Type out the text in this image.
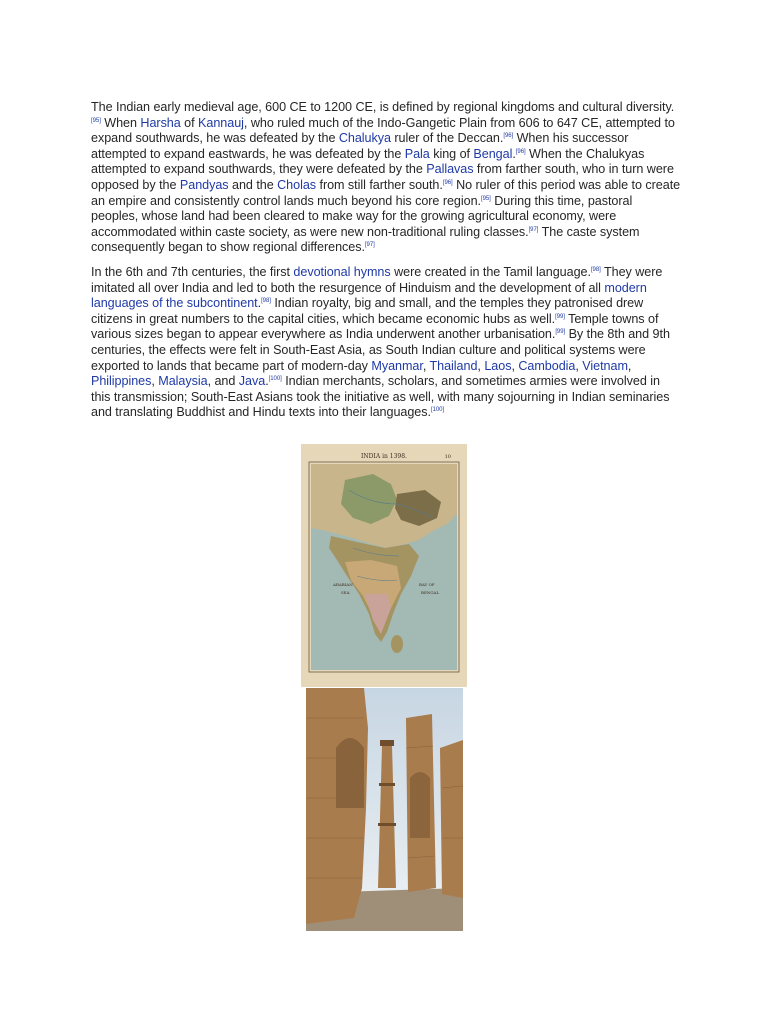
The Indian early medieval age, 600 CE to 1200 CE, is defined by regional kingdoms and cultural diversity.[95] When Harsha of Kannauj, who ruled much of the Indo-Gangetic Plain from 606 to 647 CE, attempted to expand southwards, he was defeated by the Chalukya ruler of the Deccan.[96] When his successor attempted to expand eastwards, he was defeated by the Pala king of Bengal.[96] When the Chalukyas attempted to expand southwards, they were defeated by the Pallavas from farther south, who in turn were opposed by the Pandyas and the Cholas from still farther south.[96] No ruler of this period was able to create an empire and consistently control lands much beyond his core region.[95] During this time, pastoral peoples, whose land had been cleared to make way for the growing agricultural economy, were accommodated within caste society, as were new non-traditional ruling classes.[97] The caste system consequently began to show regional differences.[97]

In the 6th and 7th centuries, the first devotional hymns were created in the Tamil language.[98] They were imitated all over India and led to both the resurgence of Hinduism and the development of all modern languages of the subcontinent.[98] Indian royalty, big and small, and the temples they patronised drew citizens in great numbers to the capital cities, which became economic hubs as well.[99] Temple towns of various sizes began to appear everywhere as India underwent another urbanisation.[99] By the 8th and 9th centuries, the effects were felt in South-East Asia, as South Indian culture and political systems were exported to lands that became part of modern-day Myanmar, Thailand, Laos, Cambodia, Vietnam, Philippines, Malaysia, and Java.[100] Indian merchants, scholars, and sometimes armies were involved in this transmission; South-East Asians took the initiative as well, with many sojourning in Indian seminaries and translating Buddhist and Hindu texts into their languages.[100]

INDIA in 1398.	10
ARABIAN
SEA
BAY OF
BENGAL
